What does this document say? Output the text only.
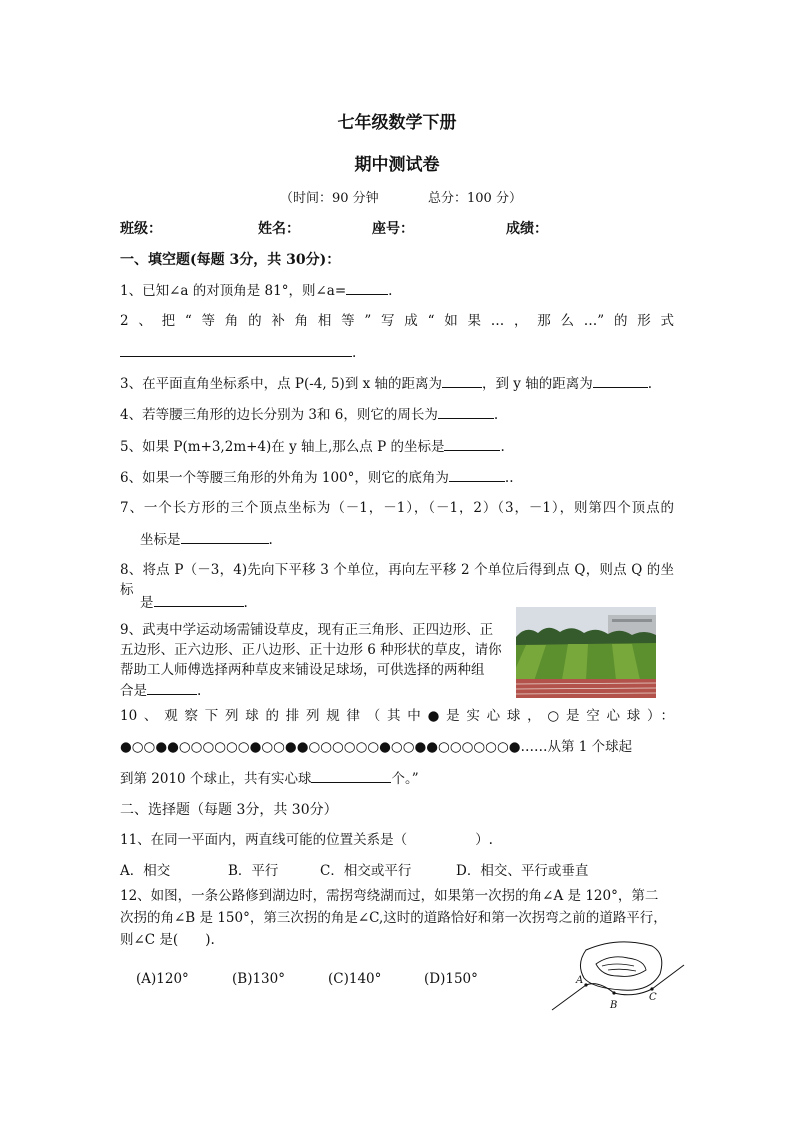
七年级数学下册
期中测试卷
（时间：90 分钟	总分：100 分）
班级：	姓名：	座号：	成绩：
一、填空题(每题 3分，共 30分)：
1、已知∠a 的对顶角是 81°，则∠a=	.
2、把“等角的补角相等”写成“如果…，那么…”的形式
.
3、在平面直角坐标系中，点 P(-4, 5)到 x 轴的距离为	，到 y 轴的距离为	.
4、若等腰三角形的边长分别为 3和 6，则它的周长为	.
5、如果 P(m+3,2m+4)在 y 轴上,那么点 P 的坐标是	.
6、如果一个等腰三角形的外角为 100°，则它的底角为	..
7、一个长方形的三个顶点坐标为（－1，－1），（－1，2）（3，－1），则第四个顶点的
坐标是	.
8、将点 P（－3，4)先向下平移 3 个单位，再向左平移 2 个单位后得到点 Q，则点 Q 的坐标
是	.
9、武夷中学运动场需铺设草皮，现有正三角形、正四边形、正
五边形、正六边形、正八边形、正十边形 6 种形状的草皮，请你
帮助工人师傅选择两种草皮来铺设足球场，可供选择的两种组
合是	.
10、观察下列球的排列规律（其中●是实心球，○是空心球）：
●○○●●○○○○○○●○○●●○○○○○○●○○●●○○○○○○●……从第 1 个球起
到第 2010 个球止，共有实心球	个。”
二、选择题（每题 3分，共 30分）
11、在同一平面内，两直线可能的位置关系是（	）.
A．相交	B．平行	C．相交或平行	D．相交、平行或垂直
12、如图，一条公路修到湖边时，需拐弯绕湖而过，如果第一次拐的角∠A 是 120°，第二
次拐的角∠B 是 150°，第三次拐的角是∠C,这时的道路恰好和第一次拐弯之前的道路平行，
则∠C 是(　　).
(A)120°	(B)130°	(C)140°	(D)150°	A
B
C
